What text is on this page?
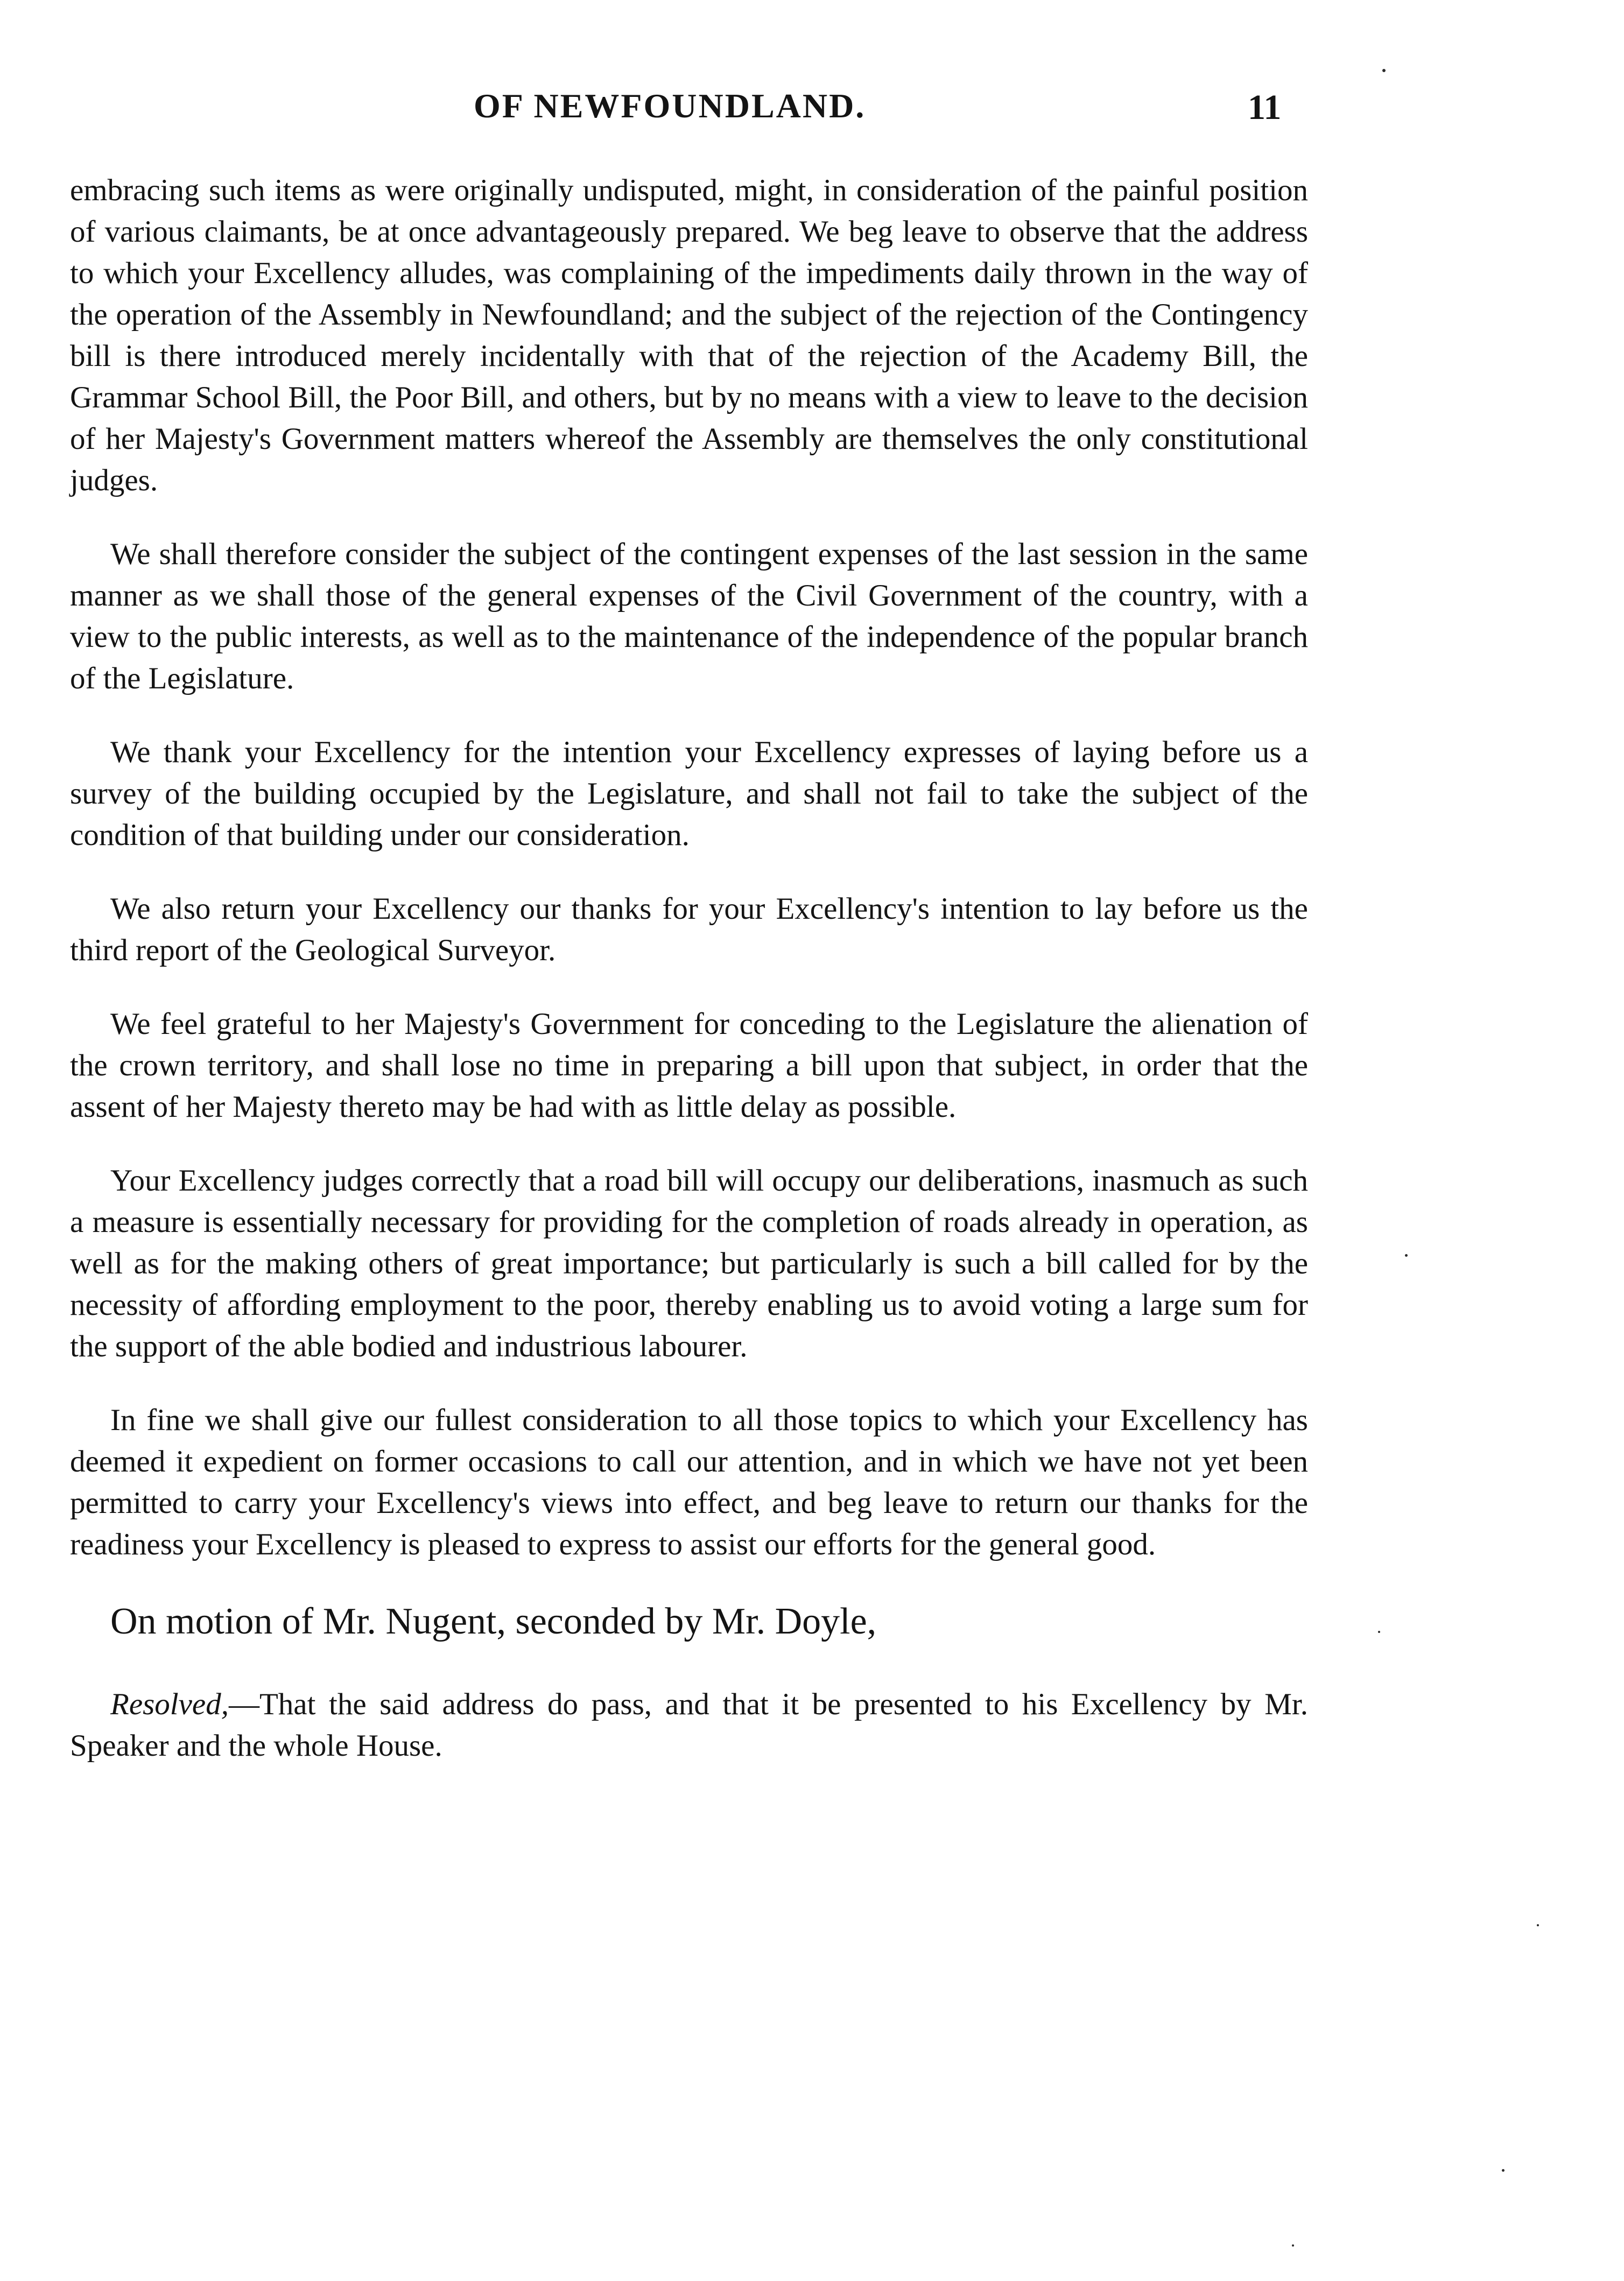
OF NEWFOUNDLAND.	11

embracing such items as were originally undisputed, might, in consideration of the painful position of various claimants, be at once advantageously prepared. We beg leave to observe that the address to which your Excellency alludes, was complaining of the impediments daily thrown in the way of the operation of the Assembly in Newfoundland; and the subject of the rejection of the Contingency bill is there introduced merely incidentally with that of the rejection of the Academy Bill, the Grammar School Bill, the Poor Bill, and others, but by no means with a view to leave to the decision of her Majesty's Government matters whereof the Assembly are themselves the only constitutional judges.

We shall therefore consider the subject of the contingent expenses of the last session in the same manner as we shall those of the general expenses of the Civil Government of the country, with a view to the public interests, as well as to the maintenance of the independence of the popular branch of the Legislature.

We thank your Excellency for the intention your Excellency expresses of laying before us a survey of the building occupied by the Legislature, and shall not fail to take the subject of the condition of that building under our consideration.

We also return your Excellency our thanks for your Excellency's intention to lay before us the third report of the Geological Surveyor.

We feel grateful to her Majesty's Government for conceding to the Legislature the alienation of the crown territory, and shall lose no time in preparing a bill upon that subject, in order that the assent of her Majesty thereto may be had with as little delay as possible.

Your Excellency judges correctly that a road bill will occupy our deliberations, inasmuch as such a measure is essentially necessary for providing for the completion of roads already in operation, as well as for the making others of great importance; but particularly is such a bill called for by the necessity of affording employment to the poor, thereby enabling us to avoid voting a large sum for the support of the able bodied and industrious labourer.

In fine we shall give our fullest consideration to all those topics to which your Excellency has deemed it expedient on former occasions to call our attention, and in which we have not yet been permitted to carry your Excellency's views into effect, and beg leave to return our thanks for the readiness your Excellency is pleased to express to assist our efforts for the general good.

On motion of Mr. Nugent, seconded by Mr. Doyle,

Resolved,—That the said address do pass, and that it be presented to his Excellency by Mr. Speaker and the whole House.
